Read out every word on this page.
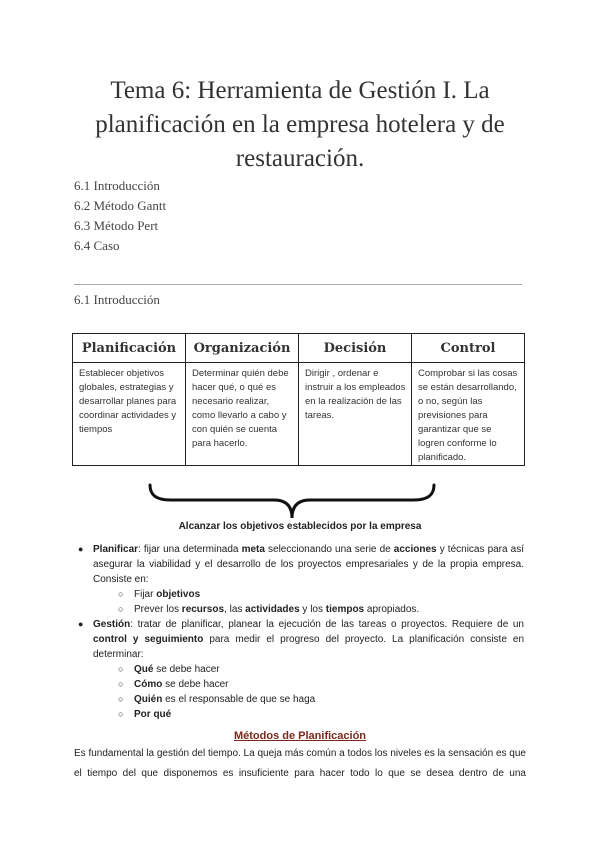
Tema 6: Herramienta de Gestión I. La planificación en la empresa hotelera y de restauración.
6.1 Introducción
6.2 Método Gantt
6.3 Método Pert
6.4 Caso
6.1 Introducción
Planificación	Organización	Decisión	Control
Establecer objetivos globales, estrategias y desarrollar planes para coordinar actividades y tiempos	Determinar quién debe hacer qué, o qué es necesario realizar, como llevarlo a cabo y con quién se cuenta para hacerlo.	Dirigir , ordenar e instruir a los empleados en la realización de las tareas.	Comprobar si las cosas se están desarrollando, o no, según las previsiones para garantizar que se logren conforme lo planificado.
Alcanzar los objetivos establecidos por la empresa
● Planificar: fijar una determinada meta seleccionando una serie de acciones y técnicas para así asegurar la viabilidad y el desarrollo de los proyectos empresariales y de la propia empresa. Consiste en:
○ Fijar objetivos
○ Prever los recursos, las actividades y los tiempos apropiados.
● Gestión: tratar de planificar, planear la ejecución de las tareas o proyectos. Requiere de un control y seguimiento para medir el progreso del proyecto. La planificación consiste en determinar:
○ Qué se debe hacer
○ Cómo se debe hacer
○ Quién es el responsable de que se haga
○ Por qué
Métodos de Planificación
Es fundamental la gestión del tiempo. La queja más común a todos los niveles es la sensación es que el tiempo del que disponemos es insuficiente para hacer todo lo que se desea dentro de una
